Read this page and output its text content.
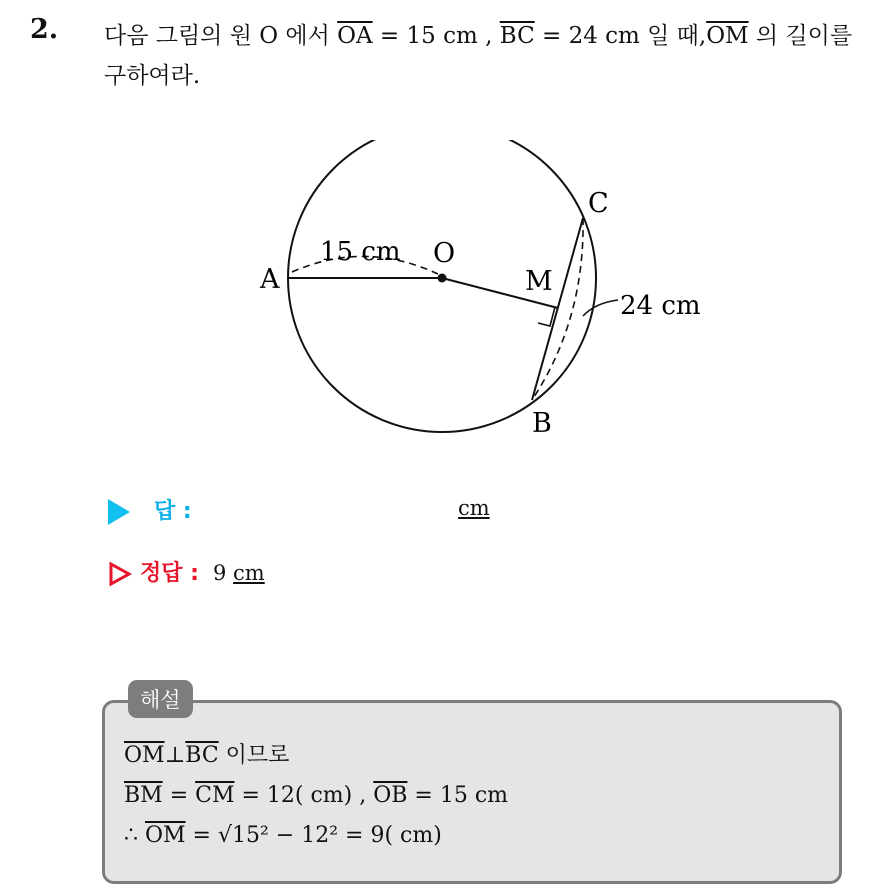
2. 다음 그림의 원 O 에서 $\overline{OA} = 15$ cm , $\overline{BC} = 24$ cm 일 때$,\overline{OM}$ 의 길이를 구하여라.
A
O
M
B
C
15 cm
24 cm
답 :	cm
정답 : 9 cm
해설
$\overline{OM}\perp\overline{BC}$ 이므로
$\overline{BM} = \overline{CM} = 12$( cm) , $\overline{OB} = 15$ cm
∴ $\overline{OM} = √15^2 - 12^2 = 9$( cm)
